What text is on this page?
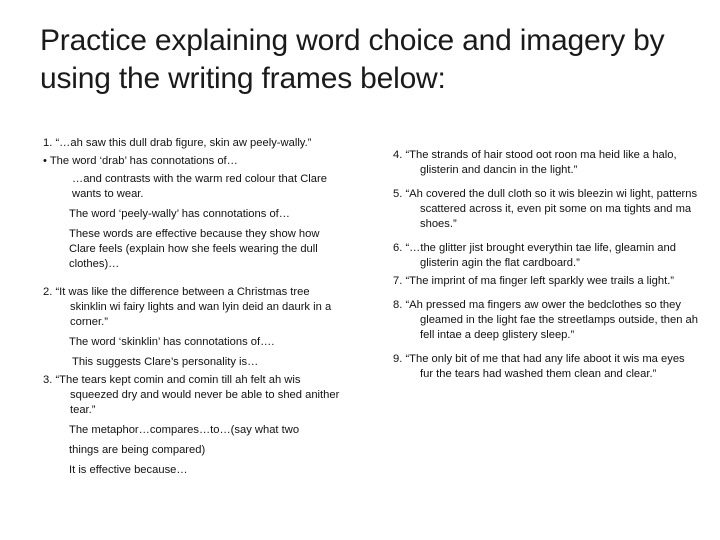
Practice explaining word choice and imagery by using the writing frames below:
1. “…ah saw this dull drab figure, skin aw peely-wally.”
• The word ‘drab’ has connotations of…
…and contrasts with the warm red colour that Clare wants to wear.
The word ‘peely-wally’ has connotations of…
These words are effective because they show how Clare feels (explain how she feels wearing the dull clothes)…
2. “It was like the difference between a Christmas tree skinklin wi fairy lights and wan lyin deid an daurk in a corner.”
The word ‘skinklin’ has connotations of….
This suggests Clare’s personality is…
3. “The tears kept comin and comin till ah felt ah wis squeezed dry and would never be able to shed anither tear.”
The metaphor…compares…to…(say what two
things are being compared)
It is effective because…
4. “The strands of hair stood oot roon ma heid like a halo, glisterin and dancin in the light.”
5. “Ah covered the dull cloth so it wis bleezin wi light, patterns scattered across it, even pit some on ma tights and ma shoes.”
6. “…the glitter jist brought everythin tae life, gleamin and glisterin agin the flat cardboard.”
7. “The imprint of ma finger left sparkly wee trails a light.”
8. “Ah pressed ma fingers aw ower the bedclothes so they gleamed in the light fae the streetlamps outside, then ah fell intae a deep glistery sleep.”
9. “The only bit of me that had any life aboot it wis ma eyes fur the tears had washed them clean and clear.”
